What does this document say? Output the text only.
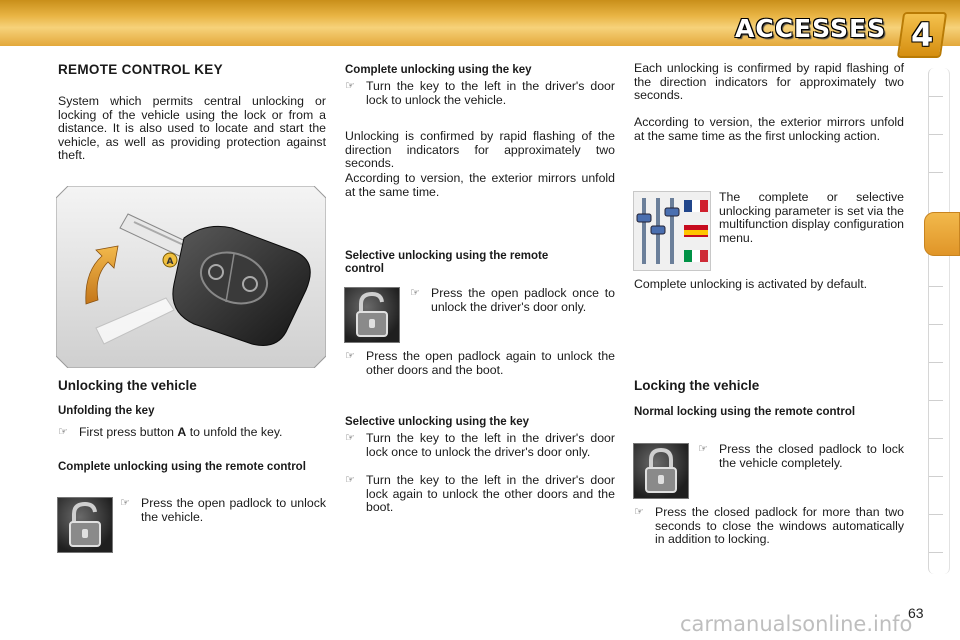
ACCESSES 4
REMOTE CONTROL KEY

System which permits central unlocking or locking of the vehicle using the lock or from a distance. It is also used to locate and start the vehicle, as well as providing protection against theft.

A
Unlocking the vehicle
Unfolding the key
☞ First press button A to unfold the key.
Complete unlocking using the remote control
☞ Press the open padlock to unlock the vehicle.
Complete unlocking using the key
☞ Turn the key to the left in the driver's door lock to unlock the vehicle.

Unlocking is confirmed by rapid flashing of the direction indicators for approximately two seconds.

According to version, the exterior mirrors unfold at the same time.

Selective unlocking using the remote control
☞ Press the open padlock once to unlock the driver's door only.
☞ Press the open padlock again to unlock the other doors and the boot.
Selective unlocking using the key
☞ Turn the key to the left in the driver's door lock once to unlock the driver's door only.
☞ Turn the key to the left in the driver's door lock again to unlock the other doors and the boot.

Each unlocking is confirmed by rapid flashing of the direction indicators for approximately two seconds.

According to version, the exterior mirrors unfold at the same time as the first unlocking action.

The complete or selective unlocking parameter is set via the multifunction display configuration menu.

Complete unlocking is activated by default.

Locking the vehicle
Normal locking using the remote control
☞ Press the closed padlock to lock the vehicle completely.
☞ Press the closed padlock for more than two seconds to close the windows automatically in addition to locking.
carmanualsonline.info
63
